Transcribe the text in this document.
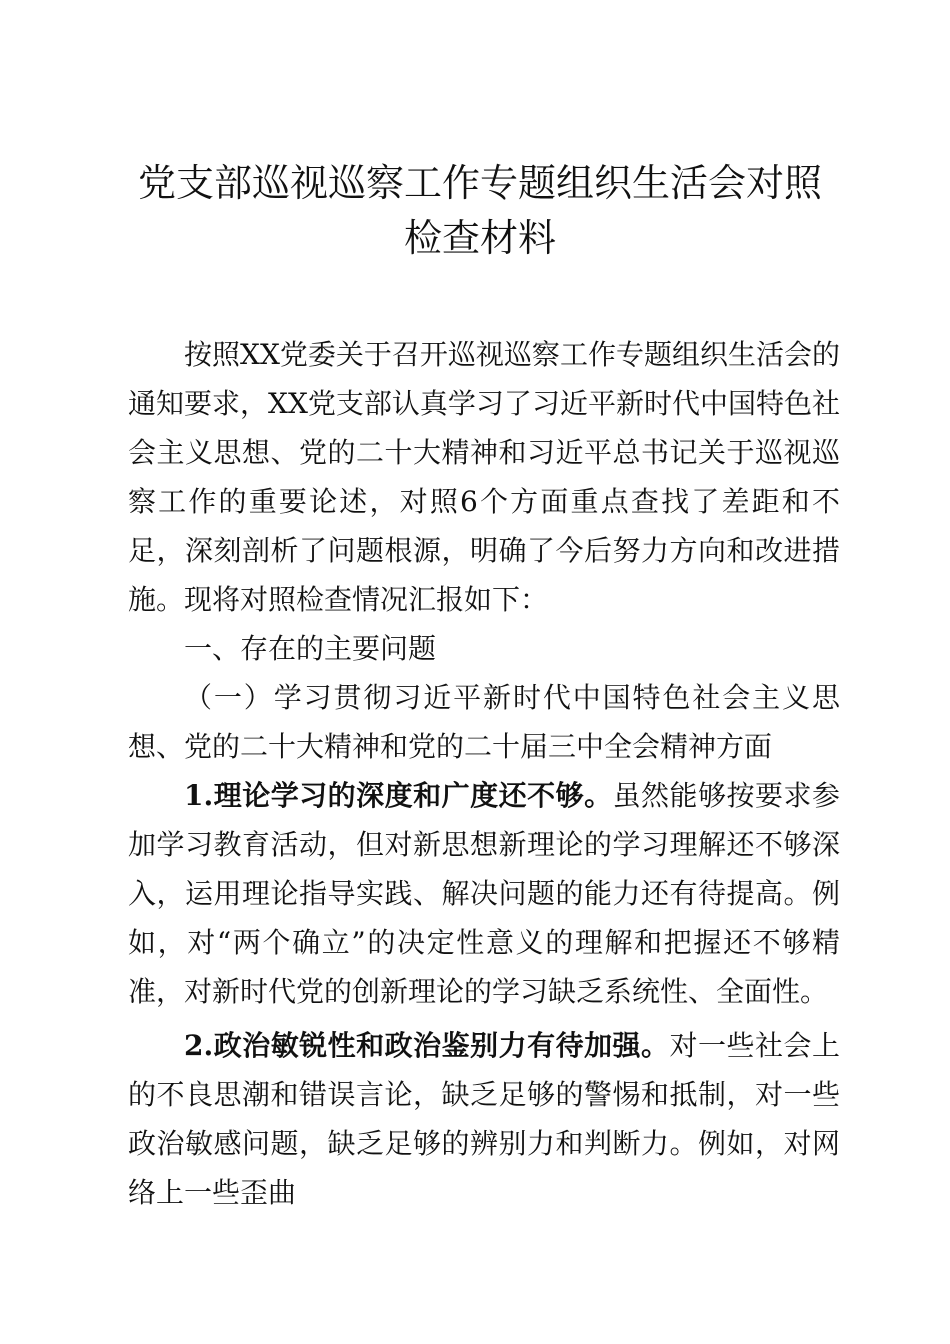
党支部巡视巡察工作专题组织生活会对照检查材料

按照XX党委关于召开巡视巡察工作专题组织生活会的通知要求，XX党支部认真学习了习近平新时代中国特色社会主义思想、党的二十大精神和习近平总书记关于巡视巡察工作的重要论述，对照6个方面重点查找了差距和不足，深刻剖析了问题根源，明确了今后努力方向和改进措施。现将对照检查情况汇报如下：

一、存在的主要问题

（一）学习贯彻习近平新时代中国特色社会主义思想、党的二十大精神和党的二十届三中全会精神方面

1.理论学习的深度和广度还不够。虽然能够按要求参加学习教育活动，但对新思想新理论的学习理解还不够深入，运用理论指导实践、解决问题的能力还有待提高。例如，对“两个确立”的决定性意义的理解和把握还不够精准，对新时代党的创新理论的学习缺乏系统性、全面性。

2.政治敏锐性和政治鉴别力有待加强。对一些社会上的不良思潮和错误言论，缺乏足够的警惕和抵制，对一些政治敏感问题，缺乏足够的辨别力和判断力。例如，对网络上一些歪曲
